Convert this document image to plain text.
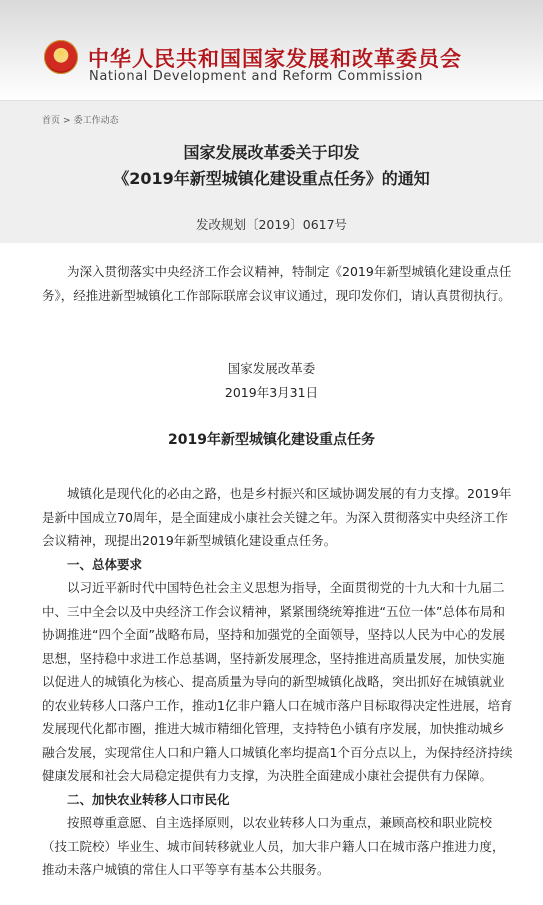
★	中华人民共和国国家发展和改革委员会
National Development and Reform Commission
首页 > 委工作动态
国家发展改革委关于印发
《2019年新型城镇化建设重点任务》的通知
发改规划〔2019〕0617号

为深入贯彻落实中央经济工作会议精神，特制定《2019年新型城镇化建设重点任务》，经推进新型城镇化工作部际联席会议审议通过，现印发你们，请认真贯彻执行。

国家发展改革委
2019年3月31日
2019年新型城镇化建设重点任务

城镇化是现代化的必由之路，也是乡村振兴和区域协调发展的有力支撑。2019年是新中国成立70周年，是全面建成小康社会关键之年。为深入贯彻落实中央经济工作会议精神，现提出2019年新型城镇化建设重点任务。

一、总体要求

以习近平新时代中国特色社会主义思想为指导，全面贯彻党的十九大和十九届二中、三中全会以及中央经济工作会议精神，紧紧围绕统筹推进“五位一体”总体布局和协调推进“四个全面”战略布局，坚持和加强党的全面领导，坚持以人民为中心的发展思想，坚持稳中求进工作总基调，坚持新发展理念，坚持推进高质量发展，加快实施以促进人的城镇化为核心、提高质量为导向的新型城镇化战略，突出抓好在城镇就业的农业转移人口落户工作，推动1亿非户籍人口在城市落户目标取得决定性进展，培育发展现代化都市圈，推进大城市精细化管理，支持特色小镇有序发展，加快推动城乡融合发展，实现常住人口和户籍人口城镇化率均提高1个百分点以上，为保持经济持续健康发展和社会大局稳定提供有力支撑，为决胜全面建成小康社会提供有力保障。

二、加快农业转移人口市民化

按照尊重意愿、自主选择原则，以农业转移人口为重点，兼顾高校和职业院校（技工院校）毕业生、城市间转移就业人员，加大非户籍人口在城市落户推进力度，推动未落户城镇的常住人口平等享有基本公共服务。
